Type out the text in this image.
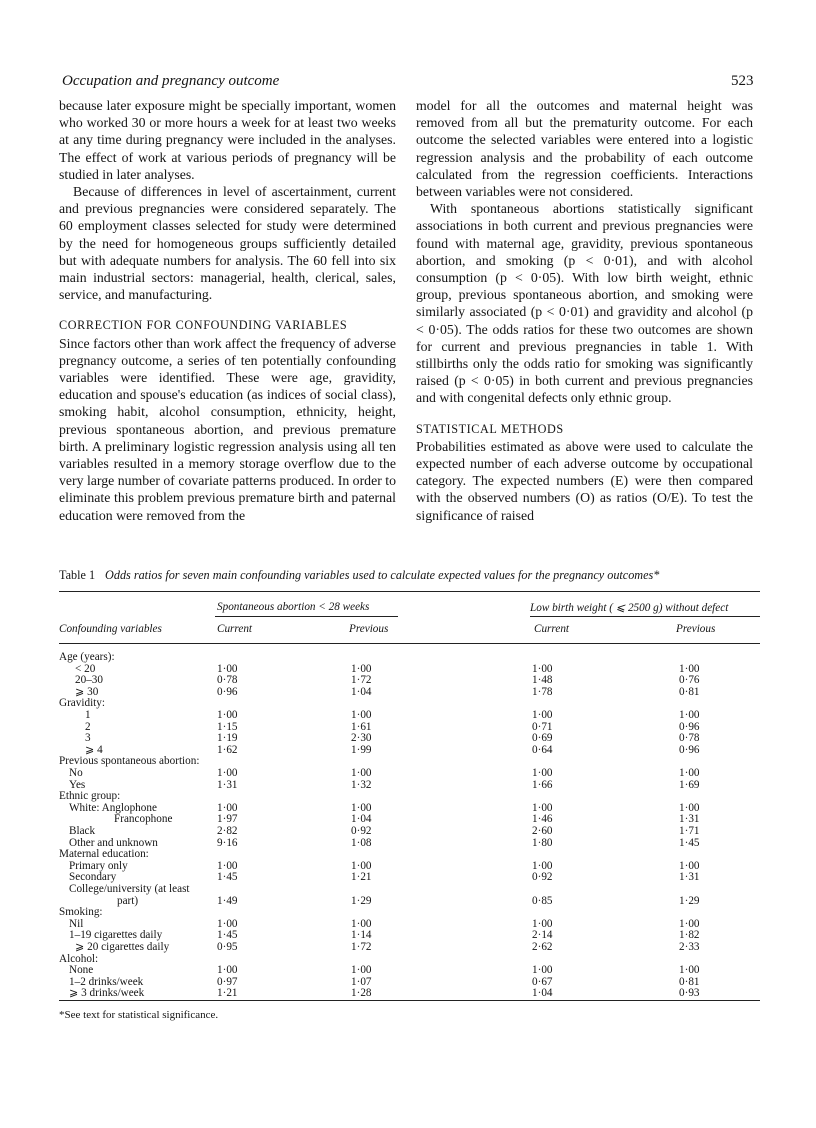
Occupation and pregnancy outcome	523

because later exposure might be specially important, women who worked 30 or more hours a week for at least two weeks at any time during pregnancy were included in the analyses. The effect of work at various periods of pregnancy will be studied in later analyses.

Because of differences in level of ascertainment, current and previous pregnancies were considered separately. The 60 employment classes selected for study were determined by the need for homogeneous groups sufficiently detailed but with adequate numbers for analysis. The 60 fell into six main industrial sectors: managerial, health, clerical, sales, service, and manufacturing.

CORRECTION FOR CONFOUNDING VARIABLES

Since factors other than work affect the frequency of adverse pregnancy outcome, a series of ten potentially confounding variables were identified. These were age, gravidity, education and spouse's education (as indices of social class), smoking habit, alcohol consumption, ethnicity, height, previous spontaneous abortion, and previous premature birth. A preliminary logistic regression analysis using all ten variables resulted in a memory storage overflow due to the very large number of covariate patterns produced. In order to eliminate this problem previous premature birth and paternal education were removed from the

model for all the outcomes and maternal height was removed from all but the prematurity outcome. For each outcome the selected variables were entered into a logistic regression analysis and the probability of each outcome calculated from the regression coefficients. Interactions between variables were not considered.

With spontaneous abortions statistically significant associations in both current and previous pregnancies were found with maternal age, gravidity, previous spontaneous abortion, and smoking (p < 0·01), and with alcohol consumption (p < 0·05). With low birth weight, ethnic group, previous spontaneous abortion, and smoking were similarly associated (p < 0·01) and gravidity and alcohol (p < 0·05). The odds ratios for these two outcomes are shown for current and previous pregnancies in table 1. With stillbirths only the odds ratio for smoking was significantly raised (p < 0·05) in both current and previous pregnancies and with congenital defects only ethnic group.

STATISTICAL METHODS

Probabilities estimated as above were used to calculate the expected number of each adverse outcome by occupational category. The expected numbers (E) were then compared with the observed numbers (O) as ratios (O/E). To test the significance of raised

Table 1 Odds ratios for seven main confounding variables used to calculate expected values for the pregnancy outcomes*
Spontaneous abortion < 28 weeks	Low birth weight ( ⩽ 2500 g) without defect
Confounding variables	Current	Previous	Current	Previous
Age (years):
< 20	1·00	1·00	1·00	1·00
20–30	0·78	1·72	1·48	0·76
⩾ 30	0·96	1·04	1·78	0·81
Gravidity:
1	1·00	1·00	1·00	1·00
2	1·15	1·61	0·71	0·96
3	1·19	2·30	0·69	0·78
⩾ 4	1·62	1·99	0·64	0·96
Previous spontaneous abortion:
No	1·00	1·00	1·00	1·00
Yes	1·31	1·32	1·66	1·69
Ethnic group:
White: Anglophone	1·00	1·00	1·00	1·00
Francophone	1·97	1·04	1·46	1·31
Black	2·82	0·92	2·60	1·71
Other and unknown	9·16	1·08	1·80	1·45
Maternal education:
Primary only	1·00	1·00	1·00	1·00
Secondary	1·45	1·21	0·92	1·31
College/university (at least
part)	1·49	1·29	0·85	1·29
Smoking:
Nil	1·00	1·00	1·00	1·00
1–19 cigarettes daily	1·45	1·14	2·14	1·82
⩾ 20 cigarettes daily	0·95	1·72	2·62	2·33
Alcohol:
None	1·00	1·00	1·00	1·00
1–2 drinks/week	0·97	1·07	0·67	0·81
⩾ 3 drinks/week	1·21	1·28	1·04	0·93
*See text for statistical significance.
